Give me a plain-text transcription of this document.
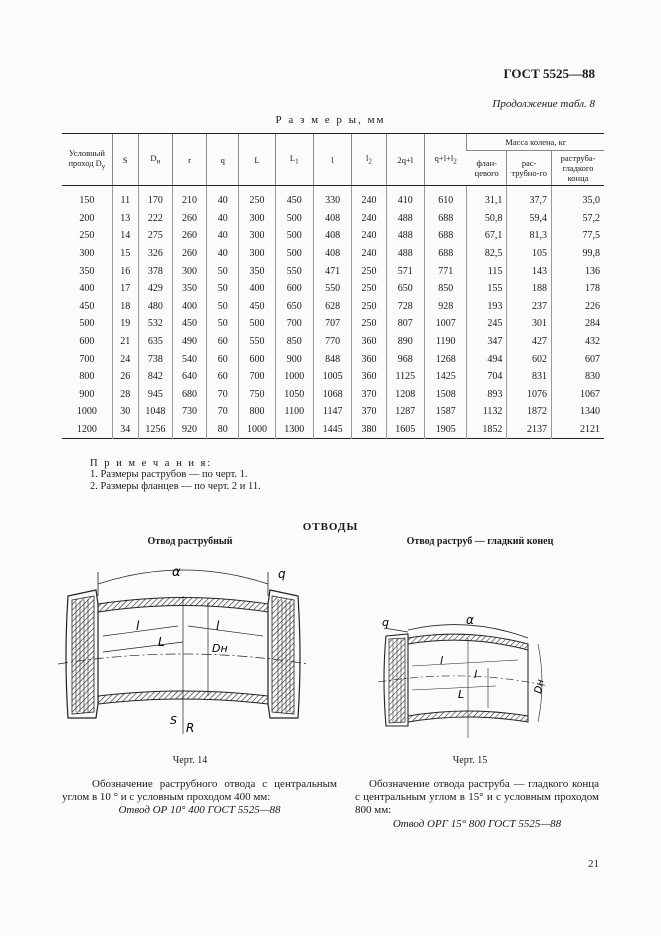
ГОСТ 5525—88
Продолжение табл. 8
Р а з м е р ы, мм
Условный проход $D_у$	S	$D_н$	r	q	L	$L_1$	l	$l_2$	2q+l	$q+l+l_2$	Масса колена, кг		
											флан-цевого	рас-трубно-го	раструба-гладкого конца
150	11	170	210	40	250	450	330	240	410	610	31,1	37,7	35,0
200	13	222	260	40	300	500	408	240	488	688	50,8	59,4	57,2
250	14	275	260	40	300	500	408	240	488	688	67,1	81,3	77,5
300	15	326	260	40	300	500	408	240	488	688	82,5	105	99,8
350	16	378	300	50	350	550	471	250	571	771	115	143	136
400	17	429	350	50	400	600	550	250	650	850	155	188	178
450	18	480	400	50	450	650	628	250	728	928	193	237	226
500	19	532	450	50	500	700	707	250	807	1007	245	301	284
600	21	635	490	60	550	850	770	360	890	1190	347	427	432
700	24	738	540	60	600	900	848	360	968	1268	494	602	607
800	26	842	640	60	700	1000	1005	360	1125	1425	704	831	830
900	28	945	680	70	750	1050	1068	370	1208	1508	893	1076	1067
1000	30	1048	730	70	800	1100	1147	370	1287	1587	1132	1872	1340
1200	34	1256	920	80	1000	1300	1445	380	1605	1905	1852	2137	2121
П р и м е ч а н и я:
1. Размеры раструбов — по черт. 1.
2. Размеры фланцев — по черт. 2 и 11.
ОТВОДЫ
Отвод раструбный	Отвод раструб — гладкий конец
α	q
l	l
L	Dн
S
R
q	α
l
l
L	Dн
Черт. 14	Черт. 15
Обозначение раструбного отвода с центральным углом в 10 ° и с условным проходом 400 мм:
Отвод ОР 10° 400 ГОСТ 5525—88
Обозначение отвода раструба — гладкого конца с центральным углом в 15° и с условным проходом 800 мм:
Отвод ОРГ 15° 800 ГОСТ 5525—88
21
